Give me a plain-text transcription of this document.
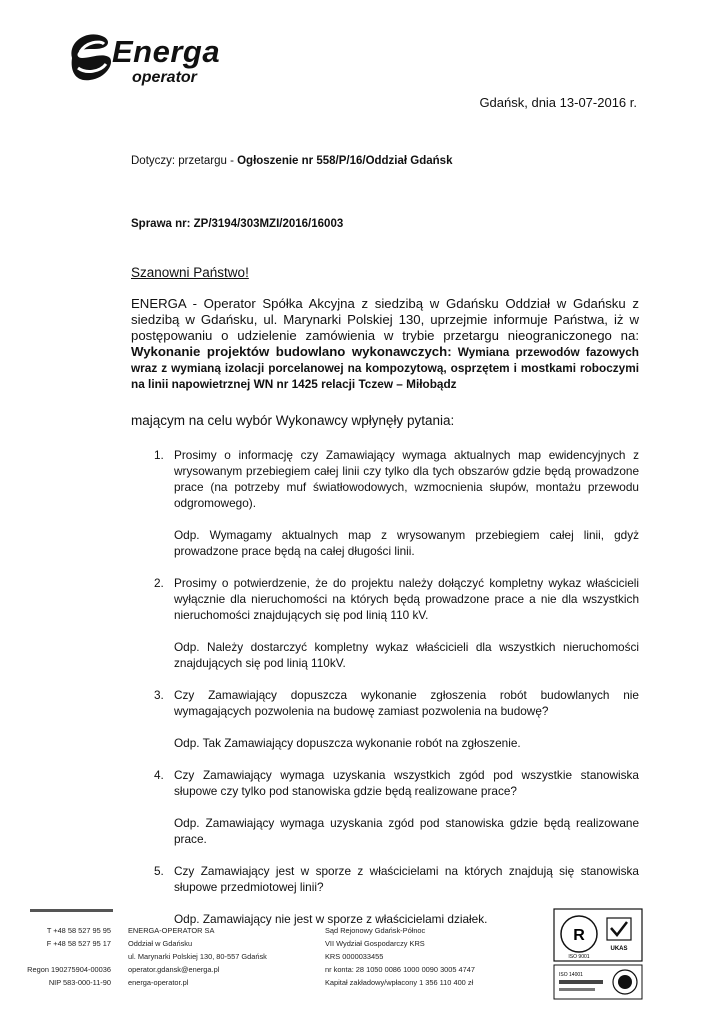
Energa
operator
Gdańsk, dnia 13-07-2016 r.
Dotyczy: przetargu - Ogłoszenie nr 558/P/16/Oddział Gdańsk
Sprawa nr: ZP/3194/303MZI/2016/16003
Szanowni Państwo!
ENERGA - Operator Spółka Akcyjna z siedzibą w Gdańsku Oddział w Gdańsku z siedzibą w Gdańsku, ul. Marynarki Polskiej 130, uprzejmie informuje Państwa, iż w postępowaniu o udzielenie zamówienia w trybie przetargu nieograniczonego na: Wykonanie projektów budowlano wykonawczych: Wymiana przewodów fazowych wraz z wymianą izolacji porcelanowej na kompozytową, osprzętem i mostkami roboczymi na linii napowietrznej WN nr 1425 relacji Tczew – Miłobądz
mającym na celu wybór Wykonawcy wpłynęły pytania:
1. Prosimy o informację czy Zamawiający wymaga aktualnych map ewidencyjnych z wrysowanym przebiegiem całej linii czy tylko dla tych obszarów gdzie będą prowadzone prace (na potrzeby muf światłowodowych, wzmocnienia słupów, montażu przewodu odgromowego).
Odp. Wymagamy aktualnych map z wrysowanym przebiegiem całej linii, gdyż prowadzone prace będą na całej długości linii.
2. Prosimy o potwierdzenie, że do projektu należy dołączyć kompletny wykaz właścicieli wyłącznie dla nieruchomości na których będą prowadzone prace a nie dla wszystkich nieruchomości znajdujących się pod linią 110 kV.
Odp. Należy dostarczyć kompletny wykaz właścicieli dla wszystkich nieruchomości znajdujących się pod linią 110kV.
3. Czy Zamawiający dopuszcza wykonanie zgłoszenia robót budowlanych nie wymagających pozwolenia na budowę zamiast pozwolenia na budowę?
Odp. Tak Zamawiający dopuszcza wykonanie robót na zgłoszenie.
4. Czy Zamawiający wymaga uzyskania wszystkich zgód pod wszystkie stanowiska słupowe czy tylko pod stanowiska gdzie będą realizowane prace?
Odp. Zamawiający wymaga uzyskania zgód pod stanowiska gdzie będą realizowane prace.
5. Czy Zamawiający jest w sporze z właścicielami na których znajdują się stanowiska słupowe przedmiotowej linii?
Odp. Zamawiający nie jest w sporze z właścicielami działek.
T +48 58 527 95 95
F +48 58 527 95 17

Regon 190275904-00036
NIP 583-000-11-90
ENERGA-OPERATOR SA
Oddział w Gdańsku
ul. Marynarki Polskiej 130, 80-557 Gdańsk
operator.gdansk@energa.pl
energa-operator.pl
Sąd Rejonowy Gdańsk-Północ
VII Wydział Gospodarczy KRS
KRS 0000033455
nr konta: 28 1050 0086 1000 0090 3005 4747
Kapitał zakładowy/wpłacony 1 356 110 400 zł
R
UKAS
ISO 9001
ISO 14001
